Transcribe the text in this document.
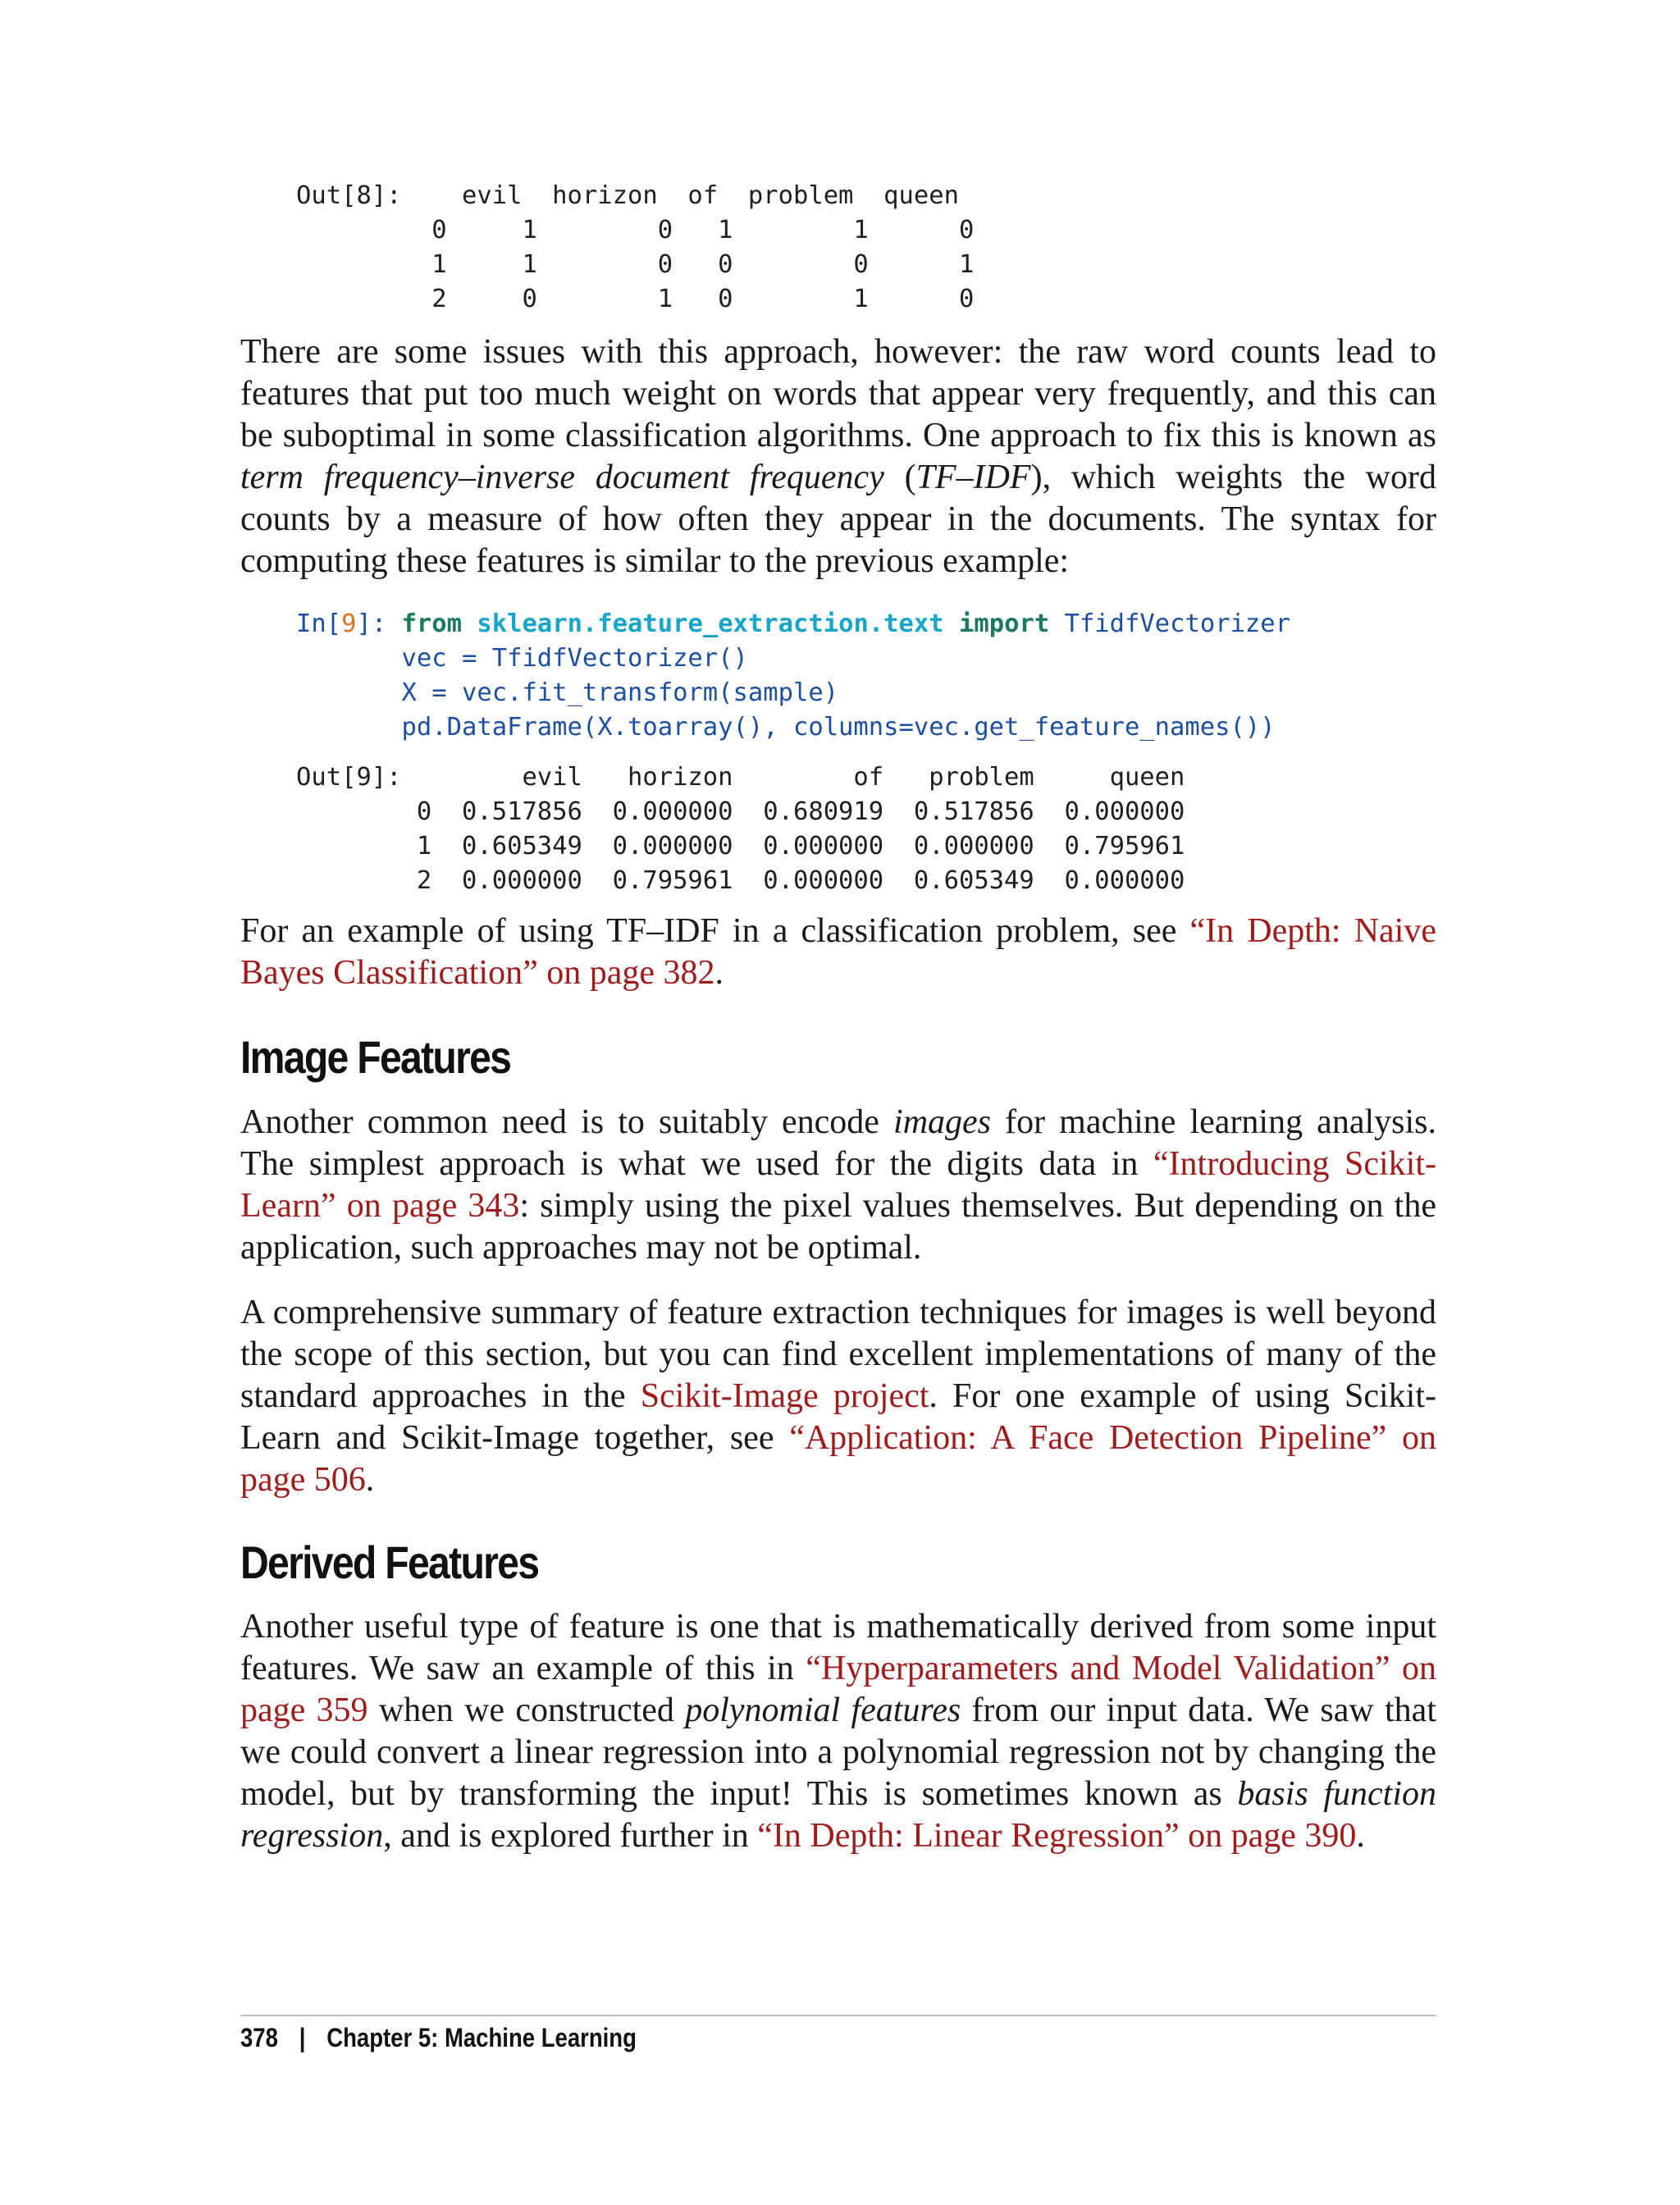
Out[8]:    evil  horizon  of  problem  queen
0     1        0   1        1      0
1     1        0   0        0      1
2     0        1   0        1      0

There are some issues with this approach, however: the raw word counts lead to features that put too much weight on words that appear very frequently, and this can be suboptimal in some classification algorithms. One approach to fix this is known as term frequency–inverse document frequency (TF–IDF), which weights the word counts by a measure of how often they appear in the documents. The syntax for computing these features is similar to the previous example:

In[9]: from sklearn.feature_extraction.text import TfidfVectorizer
vec = TfidfVectorizer()
X = vec.fit_transform(sample)
pd.DataFrame(X.toarray(), columns=vec.get_feature_names())
Out[9]:        evil   horizon        of   problem     queen
0  0.517856  0.000000  0.680919  0.517856  0.000000
1  0.605349  0.000000  0.000000  0.000000  0.795961
2  0.000000  0.795961  0.000000  0.605349  0.000000

For an example of using TF–IDF in a classification problem, see “In Depth: Naive Bayes Classification” on page 382.

Image Features

Another common need is to suitably encode images for machine learning analysis. The simplest approach is what we used for the digits data in “Introducing Scikit-Learn” on page 343: simply using the pixel values themselves. But depending on the application, such approaches may not be optimal.

A comprehensive summary of feature extraction techniques for images is well beyond the scope of this section, but you can find excellent implementations of many of the standard approaches in the Scikit-Image project. For one example of using Scikit-Learn and Scikit-Image together, see “Application: A Face Detection Pipeline” on page 506.

Derived Features

Another useful type of feature is one that is mathematically derived from some input features. We saw an example of this in “Hyperparameters and Model Validation” on page 359 when we constructed polynomial features from our input data. We saw that we could convert a linear regression into a polynomial regression not by changing the model, but by transforming the input! This is sometimes known as basis function regression, and is explored further in “In Depth: Linear Regression” on page 390.

378 | Chapter 5: Machine Learning
